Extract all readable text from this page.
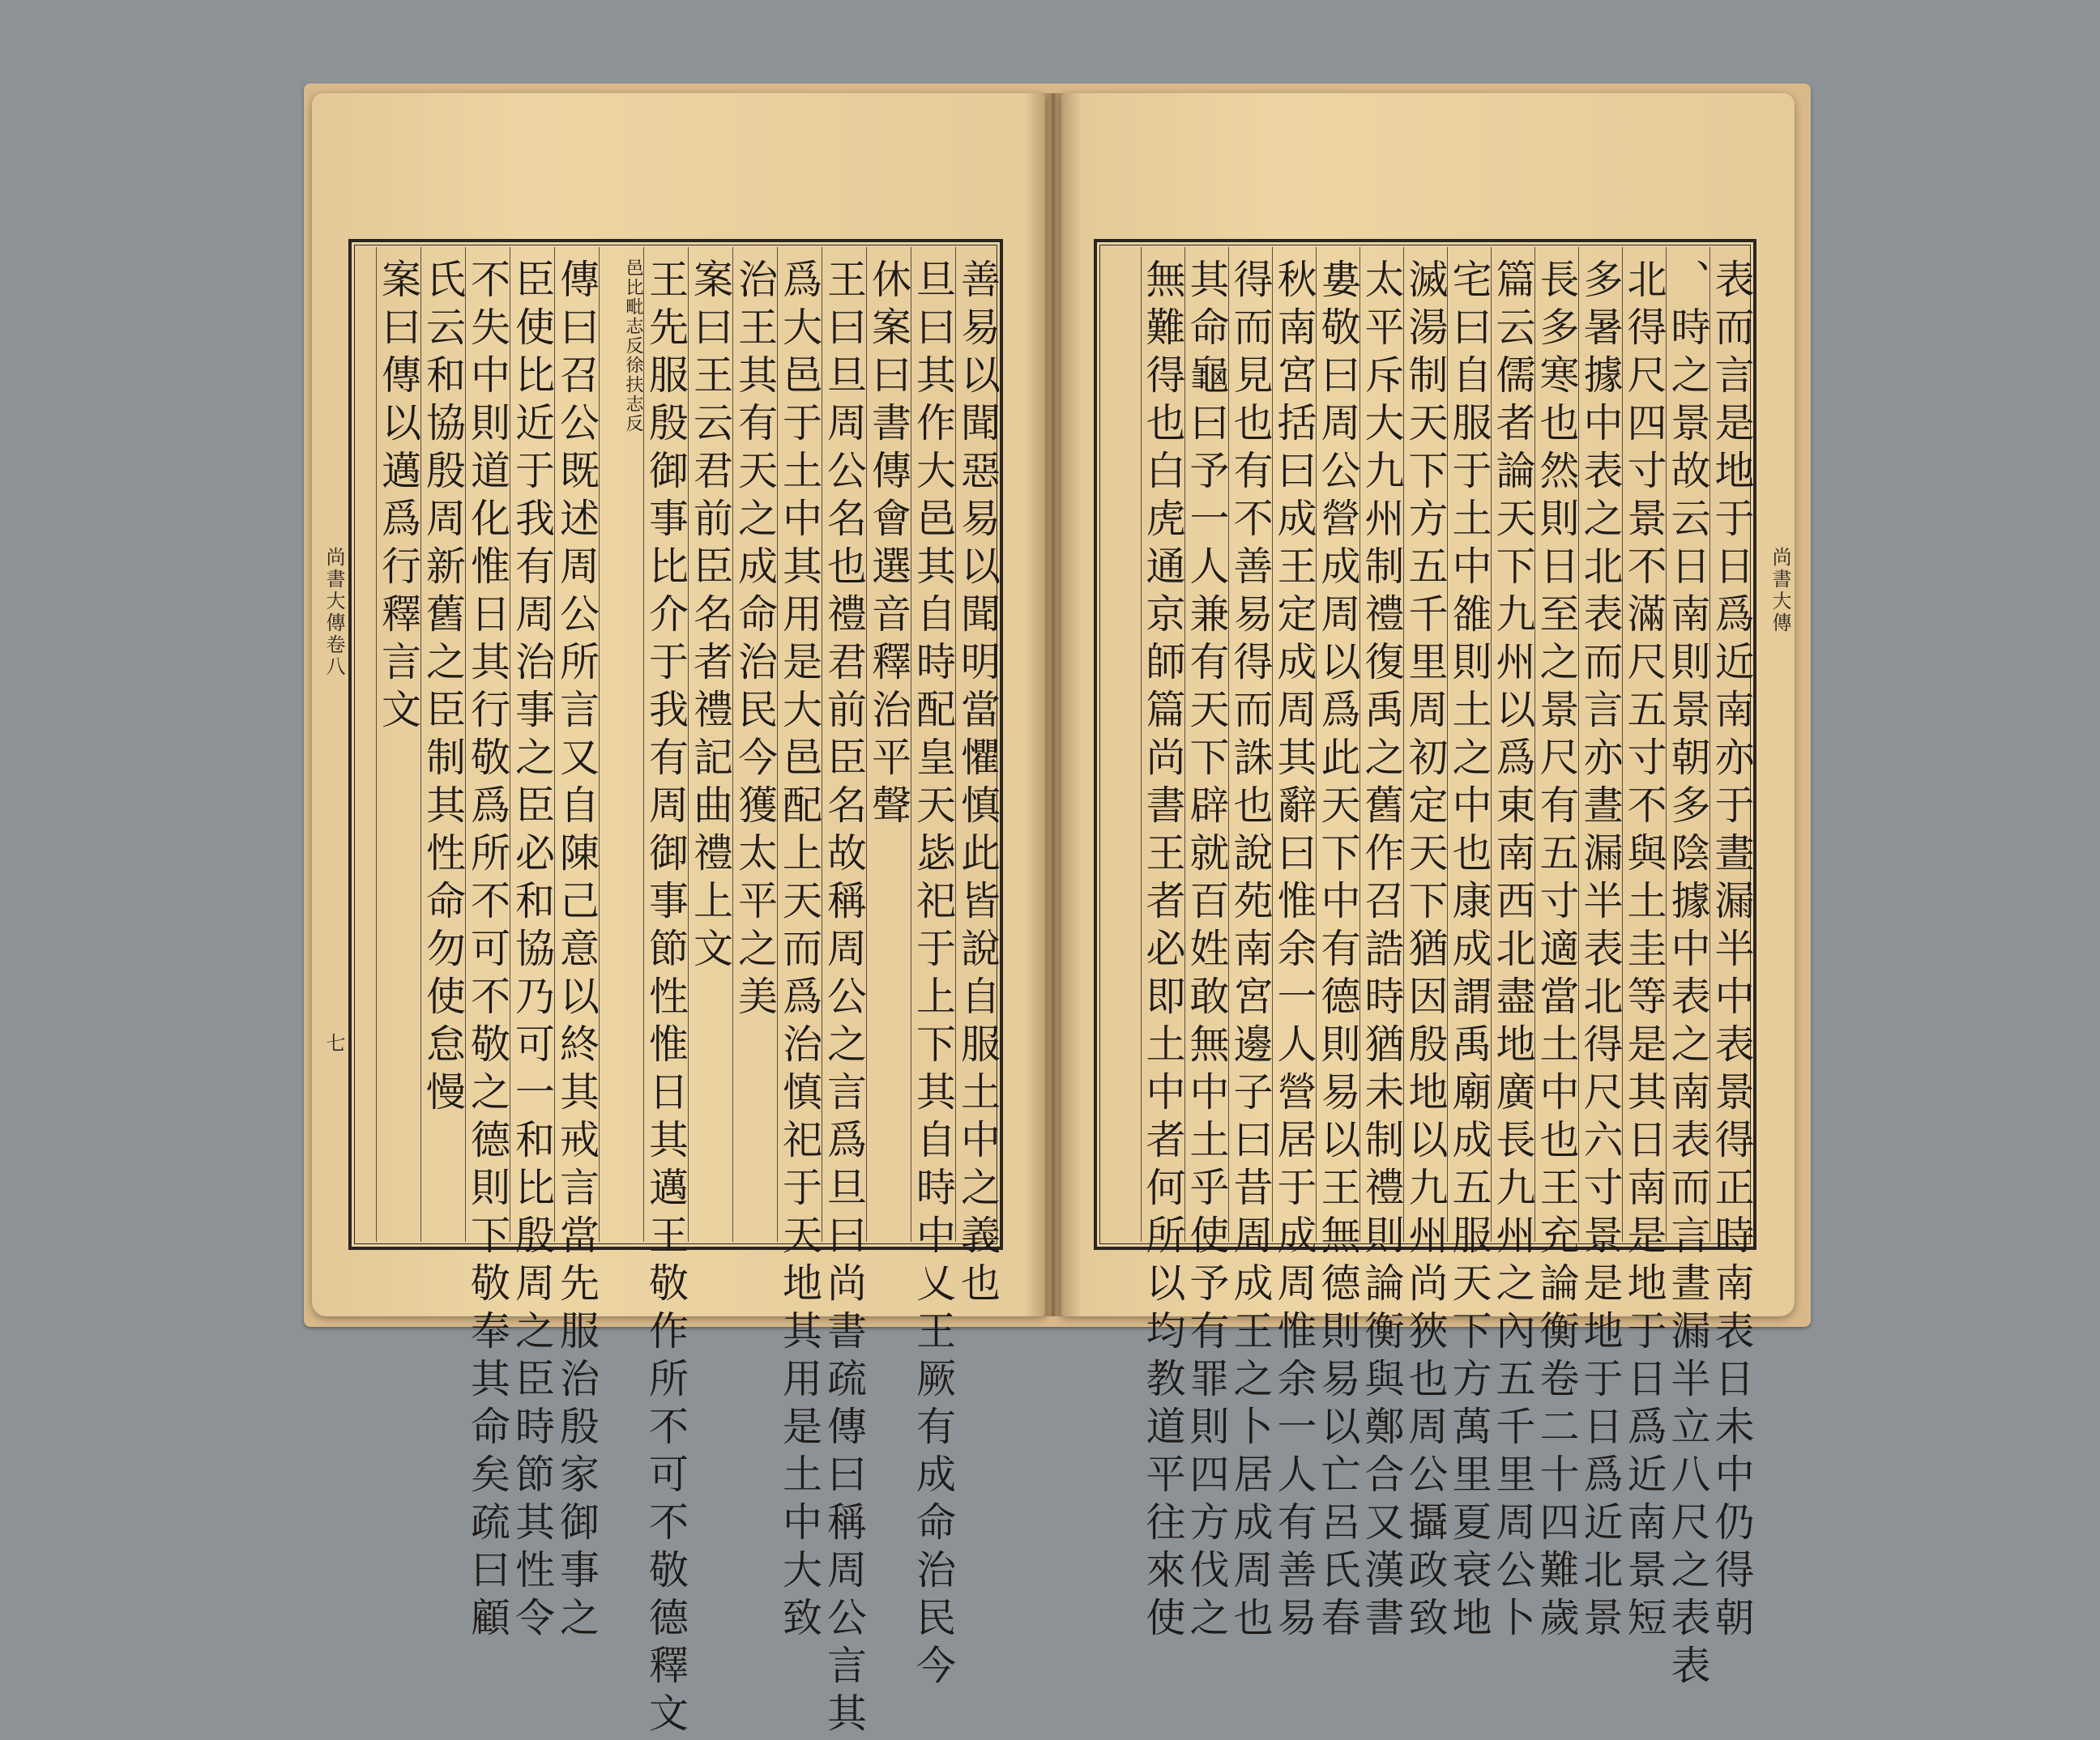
尚書大傳卷八
七	善易以聞惡易以聞明當懼慎此皆說自服土中之義也
旦曰其作大邑其自時配皇天毖祀于上下其自時中乂王厥有成命治民今
休案曰書傳會選音釋治平聲
王曰旦周公名也禮君前臣名故稱周公之言爲旦曰尚書疏傳曰稱周公言其
爲大邑于土中其用是大邑配上天而爲治慎祀于天地其用是土中大致
治王其有天之成命治民今獲太平之美
案曰王云君前臣名者禮記曲禮上文
王先服殷御事比介于我有周御事節性惟日其邁王敬作所不可不敬德釋文
邑比毗志反徐扶志反
傳曰召公既述周公所言又自陳己意以終其戒言當先服治殷家御事之
臣使比近于我有周治事之臣必和協乃可一和比殷周之臣時節其性令
不失中則道化惟日其行敬爲所不可不敬之德則下敬奉其命矣疏曰顧
氏云和協殷周新舊之臣制其性命勿使怠慢
案曰傳以邁爲行釋言文	尚書大傳
表而言是地于日爲近南亦于晝漏半中表景得正時南表日未中仍得朝
、時之景故云日南則景朝多陰據中表之南表而言晝漏半立八尺之表表
北得尺四寸景不滿尺五寸不與土圭等是其日南是地于日爲近南景短
多暑據中表之北表而言亦晝漏半表北得尺六寸景是地于日爲近北景
長多寒也然則日至之景尺有五寸適當土中也王充論衡卷二十四難歲
篇云儒者論天下九州以爲東南西北盡地廣長九州之內五千里周公卜
宅曰自服于土中雒則土之中也康成謂禹廟成五服天下方萬里夏衰地
滅湯制天下方五千里周初定天下猶因殷地以九州尚狹也周公攝政致
太平斥大九州制禮復禹之舊作召誥時猶未制禮則論衡與鄭合又漢書
婁敬曰周公營成周以爲此天下中有德則易以王無德則易以亡呂氏春
秋南宮括曰成王定成周其辭曰惟余一人營居于成周惟余一人有善易
得而見也有不善易得而誅也說苑南宮邊子曰昔周成王之卜居成周也
其命龜曰予一人兼有天下辟就百姓敢無中土乎使予有罪則四方伐之
無難得也白虎通京師篇尚書王者必即土中者何所以均教道平往來使
